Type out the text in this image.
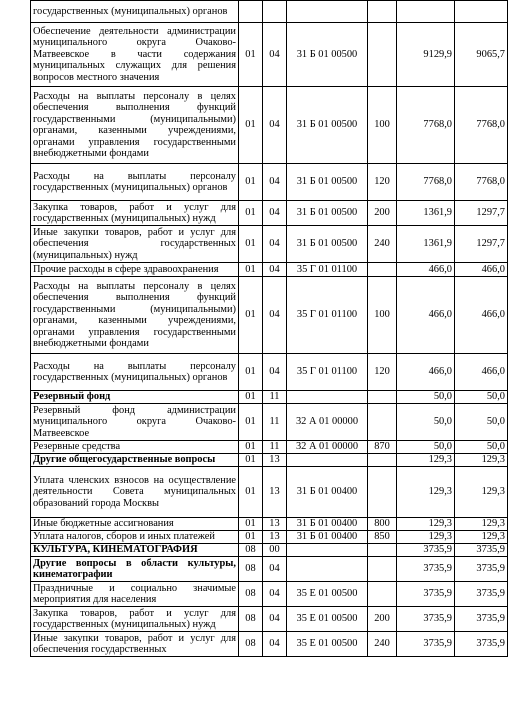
государственных (муниципальных) органов						
Обеспечение деятельности администрации муниципального округа Очаково-Матвеевское в части содержания муниципальных служащих для решения вопросов местного значения	01	04	31 Б 01 00500		9129,9	9065,7
Расходы на выплаты персоналу в целях обеспечения выполнения функций государственными (муниципальными) органами, казенными учреждениями, органами управления государственными внебюджетными фондами	01	04	31 Б 01 00500	100	7768,0	7768,0
Расходы на выплаты персоналу государственных (муниципальных) органов	01	04	31 Б 01 00500	120	7768,0	7768,0
Закупка товаров, работ и услуг для государственных (муниципальных) нужд	01	04	31 Б 01 00500	200	1361,9	1297,7
Иные закупки товаров, работ и услуг для обеспечения государственных (муниципальных) нужд	01	04	31 Б 01 00500	240	1361,9	1297,7
Прочие расходы в сфере здравоохранения	01	04	35 Г 01 01100		466,0	466,0
Расходы на выплаты персоналу в целях обеспечения выполнения функций государственными (муниципальными) органами, казенными учреждениями, органами управления государственными внебюджетными фондами	01	04	35 Г 01 01100	100	466,0	466,0
Расходы на выплаты персоналу государственных (муниципальных) органов	01	04	35 Г 01 01100	120	466,0	466,0
Резервный фонд	01	11			50,0	50,0
Резервный фонд администрации муниципального округа Очаково-Матвеевское	01	11	32 А 01 00000		50,0	50,0
Резервные средства	01	11	32 А 01 00000	870	50,0	50,0
Другие общегосударственные вопросы	01	13			129,3	129,3
Уплата членских взносов на осуществление деятельности Совета муниципальных образований города Москвы	01	13	31 Б 01 00400		129,3	129,3
Иные бюджетные ассигнования	01	13	31 Б 01 00400	800	129,3	129,3
Уплата налогов, сборов и иных платежей	01	13	31 Б 01 00400	850	129,3	129,3
КУЛЬТУРА, КИНЕМАТОГРАФИЯ	08	00			3735,9	3735,9
Другие вопросы в области культуры, кинематографии	08	04			3735,9	3735,9
Праздничные и социально значимые мероприятия для населения	08	04	35 Е 01 00500		3735,9	3735,9
Закупка товаров, работ и услуг для государственных (муниципальных) нужд	08	04	35 Е 01 00500	200	3735,9	3735,9
Иные закупки товаров, работ и услуг для обеспечения государственных	08	04	35 Е 01 00500	240	3735,9	3735,9
